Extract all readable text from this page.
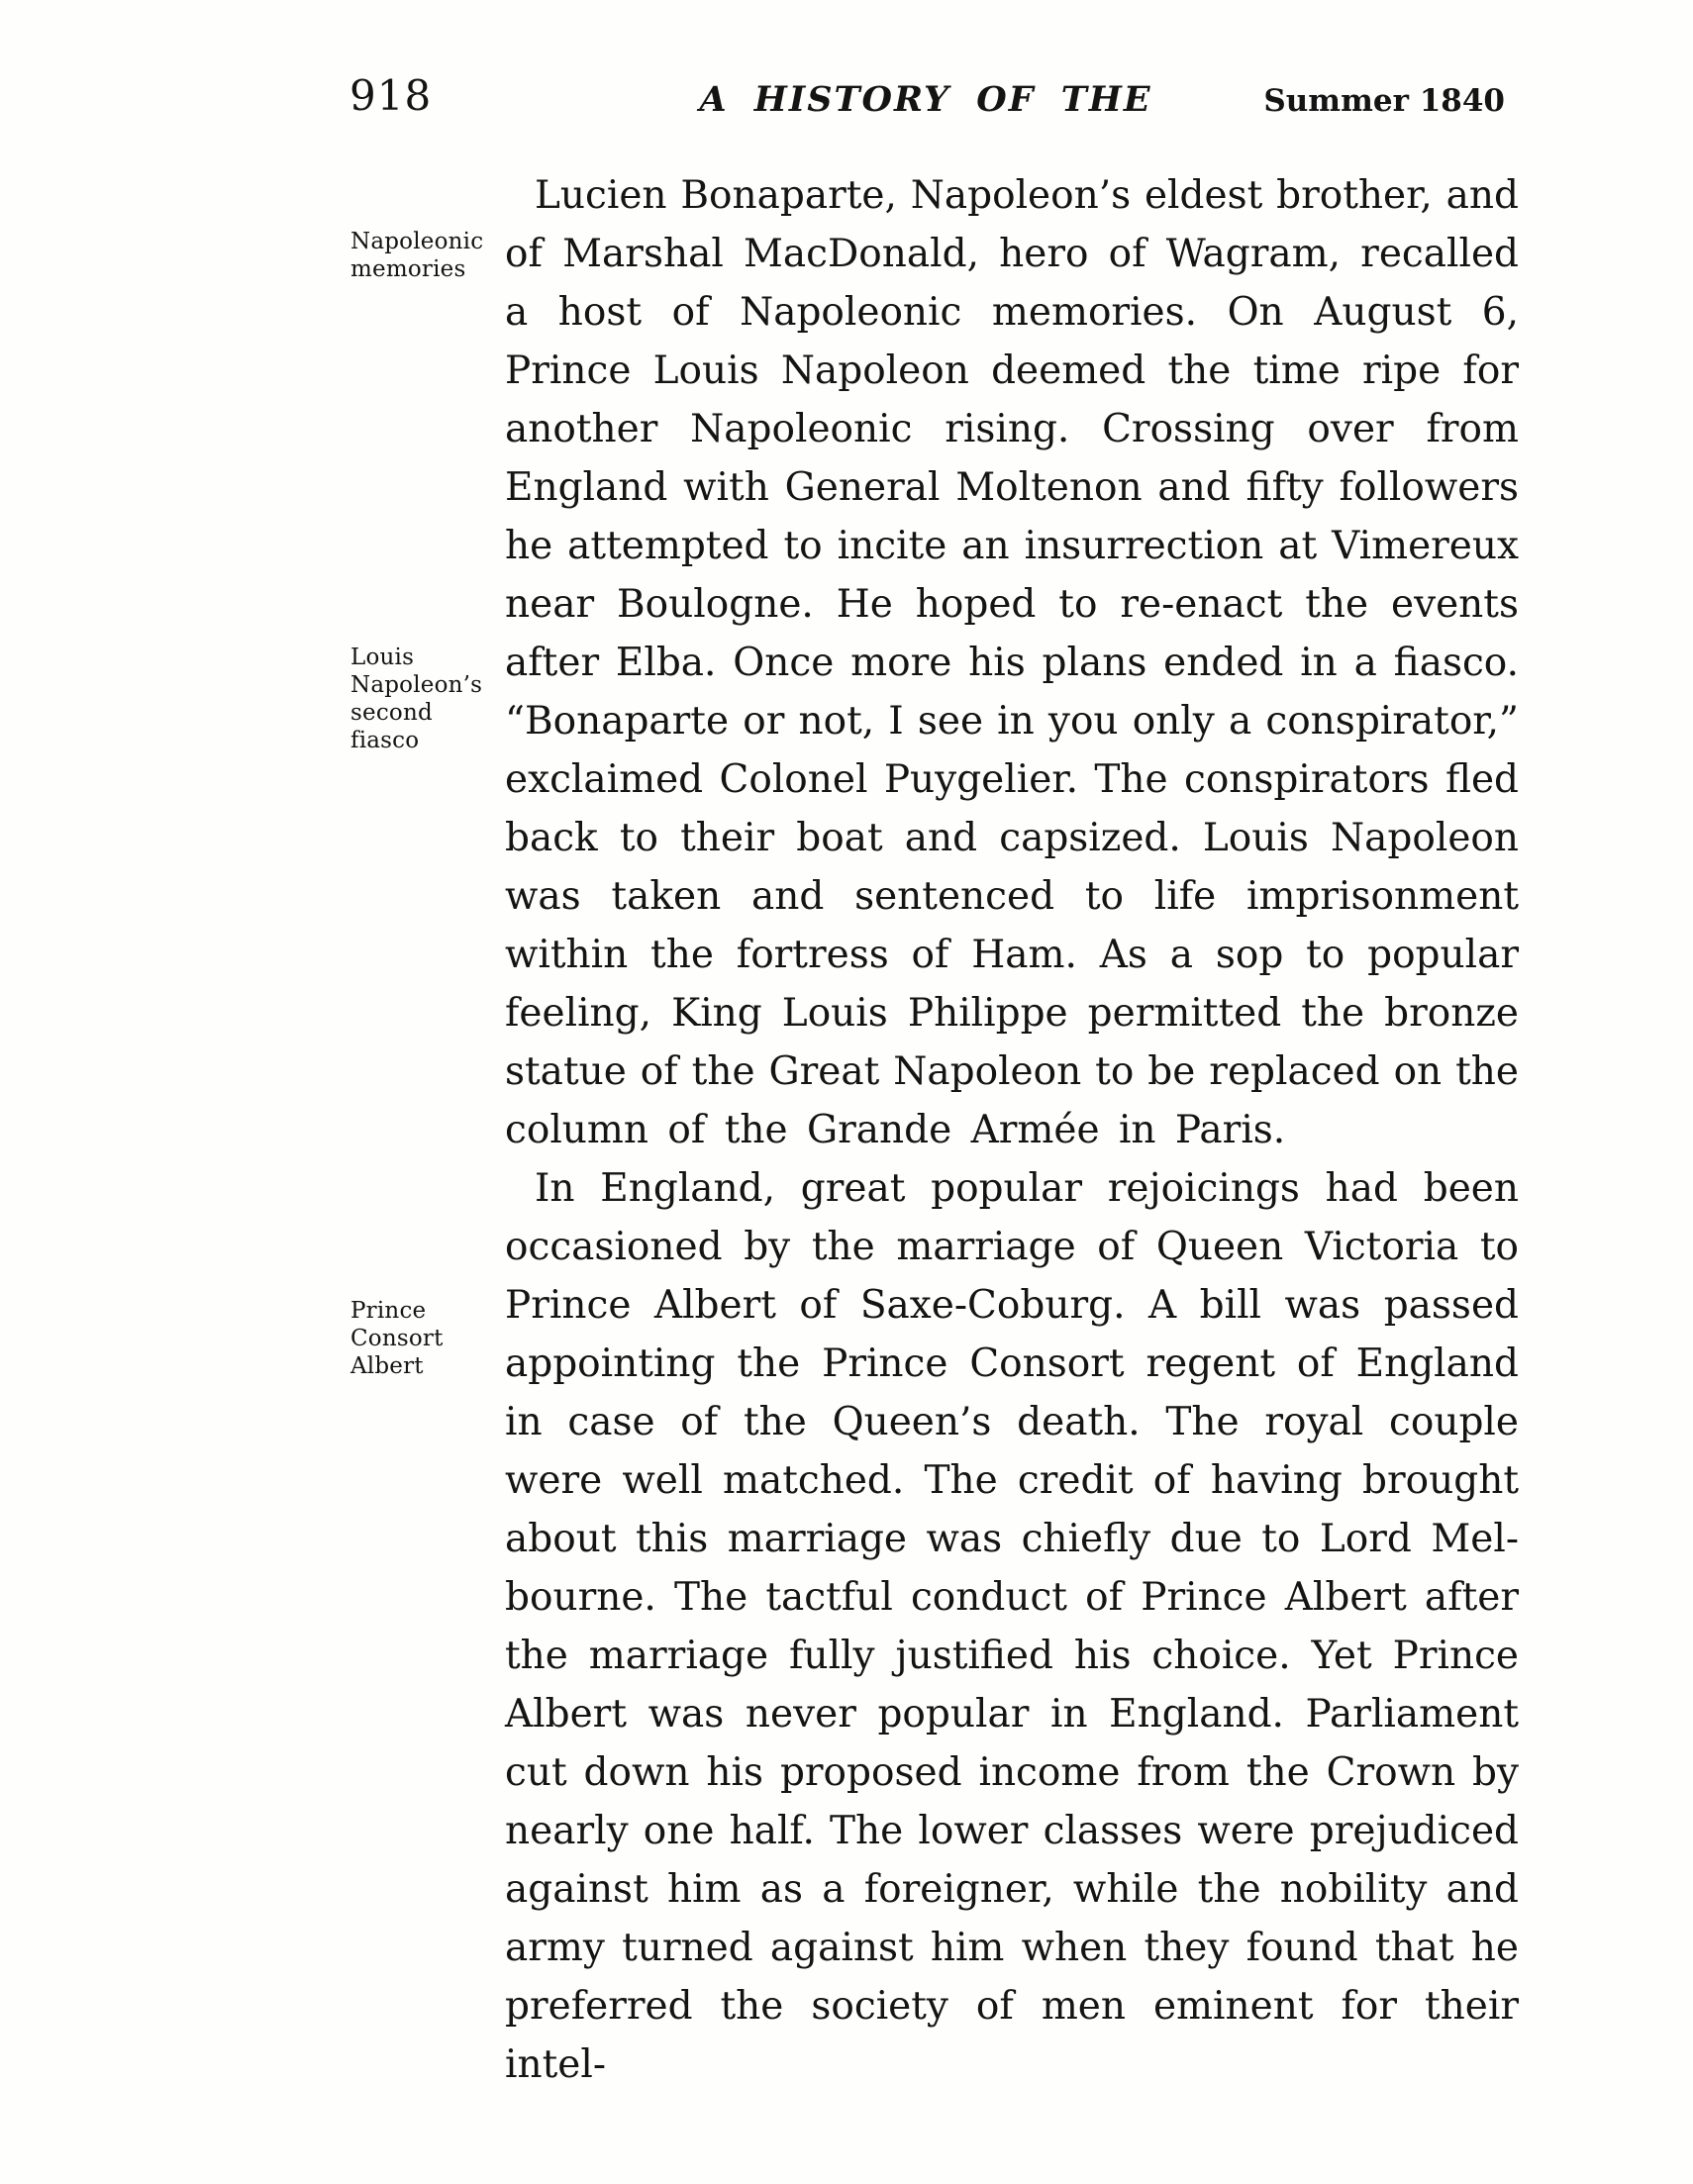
918	A HISTORY OF THE	Summer 1840
Napoleonic
memories
Louis
Napoleon’s
second
fiasco
Prince
Consort
Albert
Lucien Bonaparte, Napoleon’s eldest brother, and
of Marshal MacDonald, hero of Wagram, recalled
a host of Napoleonic memories. On August 6,
Prince Louis Napoleon deemed the time ripe for
another Napoleonic rising. Crossing over from
England with General Moltenon and fifty followers
he attempted to incite an insurrection at Vimereux
near Boulogne. He hoped to re-enact the events
after Elba. Once more his plans ended in a fiasco.
“Bonaparte or not, I see in you only a conspirator,”
exclaimed Colonel Puygelier. The conspirators fled
back to their boat and capsized. Louis Napoleon
was taken and sentenced to life imprisonment
within the fortress of Ham. As a sop to popular
feeling, King Louis Philippe permitted the bronze
statue of the Great Napoleon to be replaced on the
column of the Grande Armée in Paris.
In England, great popular rejoicings had been
occasioned by the marriage of Queen Victoria to
Prince Albert of Saxe-Coburg. A bill was passed
appointing the Prince Consort regent of England
in case of the Queen’s death. The royal couple
were well matched. The credit of having brought
about this marriage was chiefly due to Lord Mel-
bourne. The tactful conduct of Prince Albert after
the marriage fully justified his choice. Yet Prince
Albert was never popular in England. Parliament
cut down his proposed income from the Crown by
nearly one half. The lower classes were prejudiced
against him as a foreigner, while the nobility and
army turned against him when they found that he
preferred the society of men eminent for their intel-
